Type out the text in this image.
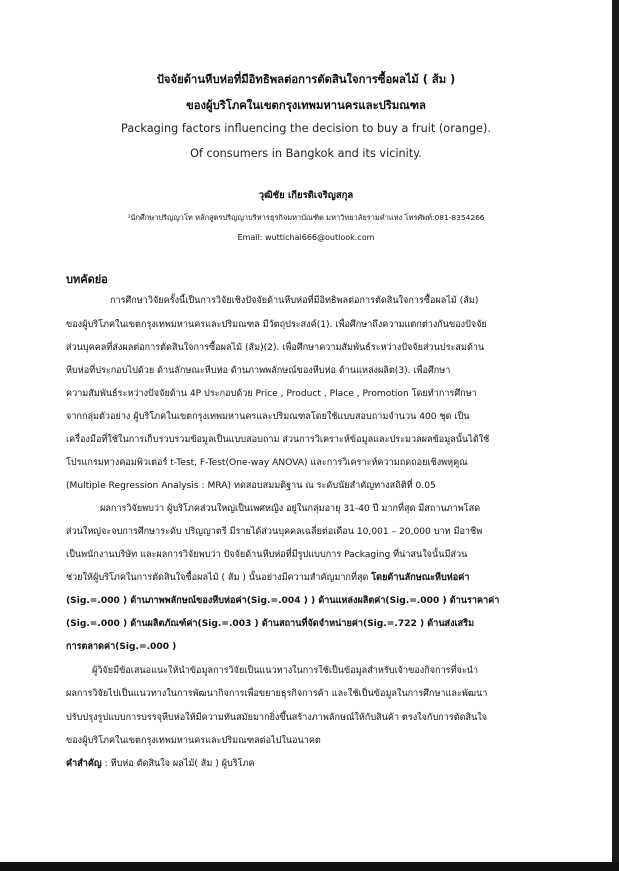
ปัจจัยด้านหีบห่อที่มีอิทธิพลต่อการตัดสินใจการซื้อผลไม้ ( ส้ม )
ของผู้บริโภคในเขตกรุงเทพมหานครและปริมณฑล
Packaging factors influencing the decision to buy a fruit (orange).
Of consumers in Bangkok and its vicinity.
วุฒิชัย เกียรติเจริญสกุล
¹นักศึกษาปริญญาโท หลักสูตรปริญญาบริหารธุรกิจมหาบัณฑิต มหาวิทยาลัยรามคำแหง โทรศัพท์:081-8354266
Email: wuttichai666@outlook.com
บทคัดย่อ
การศึกษาวิจัยครั้งนี้เป็นการวิจัยเชิงปัจจัยด้านหีบห่อที่มีอิทธิพลต่อการตัดสินใจการซื้อผลไม้ (ส้ม)
ของผู้บริโภคในเขตกรุงเทพมหานครและปริมณฑล มีวัตถุประสงค์(1). เพื่อศึกษาถึงความแตกต่างกันของปัจจัย
ส่วนบุคคลที่ส่งผลต่อการตัดสินใจการซื้อผลไม้ (ส้ม)(2). เพื่อศึกษาความสัมพันธ์ระหว่างปัจจัยส่วนประสมด้าน
หีบห่อที่ประกอบไปด้วย ด้านลักษณะหีบห่อ ด้านภาพพลักษณ์ของหีบห่อ ด้านแหล่งผลิต(3). เพื่อศึกษา
ความสัมพันธ์ระหว่างปัจจัยด้าน 4P ประกอบด้วย Price , Product , Place , Promotion โดยทำการศึกษา
จากกลุ่มตัวอย่าง ผู้บริโภคในเขตกรุงเทพมหานครและปริมณฑลโดยใช้แบบสอบถามจำนวน 400 ชุด เป็น
เครื่องมือที่ใช้ในการเก็บรวบรวมข้อมูลเป็นแบบสอบถาม ส่วนการวิเคราะห์ข้อมูลและประมวลผลข้อมูลนั้นได้ใช้
โปรแกรมทางคอมพิวเตอร์ t-Test, F-Test(One-way ANOVA) และการวิเคราะห์ความถดถอยเชิงพหุคูณ
(Multiple Regression Analysis : MRA) ทดสอบสมมติฐาน ณ ระดับนัยสำคัญทางสถิติที่ 0.05
ผลการวิจัยพบว่า ผู้บริโภคส่วนใหญ่เป็นเพศหญิง อยู่ในกลุ่มอายุ 31-40 ปี มากที่สุด มีสถานภาพโสด
ส่วนใหญ่จะจบการศึกษาระดับ ปริญญาตรี มีรายได้ส่วนบุคคลเฉลี่ยต่อเดือน 10,001 – 20,000 บาท มีอาชีพ
เป็นพนักงานบริษัท และผลการวิจัยพบว่า ปัจจัยด้านหีบห่อที่มีรูปแบบการ Packaging ที่น่าสนใจนั้นมีส่วน
ช่วยให้ผู้บริโภคในการตัดสินใจซื้อผลไม้ ( ส้ม ) นั้นอย่างมีความสำคัญมากที่สุด โดยด้านลักษณะหีบห่อค่า
(Sig.=.000 ) ด้านภาพพลักษณ์ของหีบห่อค่า(Sig.=.004 ) ) ด้านแหล่งผลิตค่า(Sig.=.000 ) ด้านราคาค่า
(Sig.=.000 ) ด้านผลิตภัณฑ์ค่า(Sig.=.003 ) ด้านสถานที่จัดจำหน่ายค่า(Sig.=.722 ) ด้านส่งเสริม
การตลาดค่า(Sig.=.000 )
ผู้วิจัยมีข้อเสนอแนะให้นำข้อมูลการวิจัยเป็นแนวทางในการใช้เป็นข้อมูลสำหรับเจ้าของกิจการที่จะนำ
ผลการวิจัยไปเป็นแนวทางในการพัฒนากิจการเพื่อขยายธุรกิจการค้า และใช้เป็นข้อมูลในการศึกษาและพัฒนา
ปรับปรุงรูปแบบการบรรจุหีบห่อให้มีความทันสมัยมากยิ่งขึ้นสร้างภาพลักษณ์ให้กับสินค้า ตรงใจกับการตัดสินใจ
ของผู้บริโภคในเขตกรุงเทพมหานครและปริมณฑลต่อไปในอนาคต
คำสำคัญ : หีบห่อ ตัดสินใจ ผลไม้( ส้ม ) ผู้บริโภค
